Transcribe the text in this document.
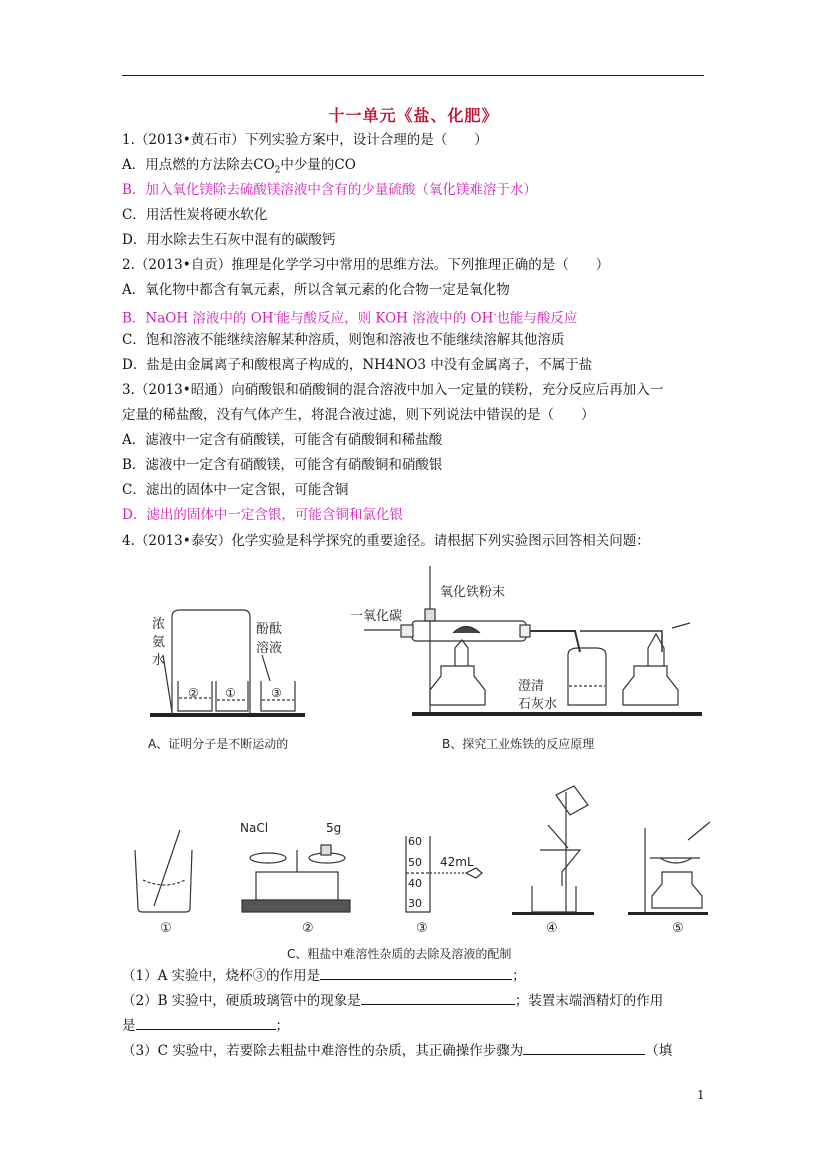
十一单元《盐、化肥》
1.（2013•黄石市）下列实验方案中，设计合理的是（　　）
A．用点燃的方法除去$CO_2$中少量的CO
B．加入氧化镁除去硫酸镁溶液中含有的少量硫酸（氧化镁难溶于水）
C．用活性炭将硬水软化
D．用水除去生石灰中混有的碳酸钙
2.（2013•自贡）推理是化学学习中常用的思维方法。下列推理正确的是（　　）
A．氧化物中都含有氧元素，所以含氧元素的化合物一定是氧化物
B．NaOH 溶液中的 OH-能与酸反应，则 KOH 溶液中的 OH-也能与酸反应
C．饱和溶液不能继续溶解某种溶质，则饱和溶液也不能继续溶解其他溶质
D．盐是由金属离子和酸根离子构成的，NH4NO3 中没有金属离子，不属于盐
3.（2013•昭通）向硝酸银和硝酸铜的混合溶液中加入一定量的镁粉，充分反应后再加入一
定量的稀盐酸，没有气体产生，将混合液过滤，则下列说法中错误的是（　　）
A．滤液中一定含有硝酸镁，可能含有硝酸铜和稀盐酸
B．滤液中一定含有硝酸镁，可能含有硝酸铜和硝酸银
C．滤出的固体中一定含银，可能含铜
D．滤出的固体中一定含银，可能含铜和氯化银
4.（2013•泰安）化学实验是科学探究的重要途径。请根据下列实验图示回答相关问题：
浓
氨
水
酚酞
溶液
② ①	③
A、证明分子是不断运动的
氧化铁粉末
一氧化碳
澄清
石灰水
B、探究工业炼铁的反应原理
NaCl	5g
60
50
40
30
42mL
①	②	③	④	⑤
C、粗盐中难溶性杂质的去除及溶液的配制
（1）A 实验中，烧杯③的作用是	；
（2）B 实验中，硬质玻璃管中的现象是	；装置末端酒精灯的作用
是	；
（3）C 实验中，若要除去粗盐中难溶性的杂质，其正确操作步骤为	（填
1
